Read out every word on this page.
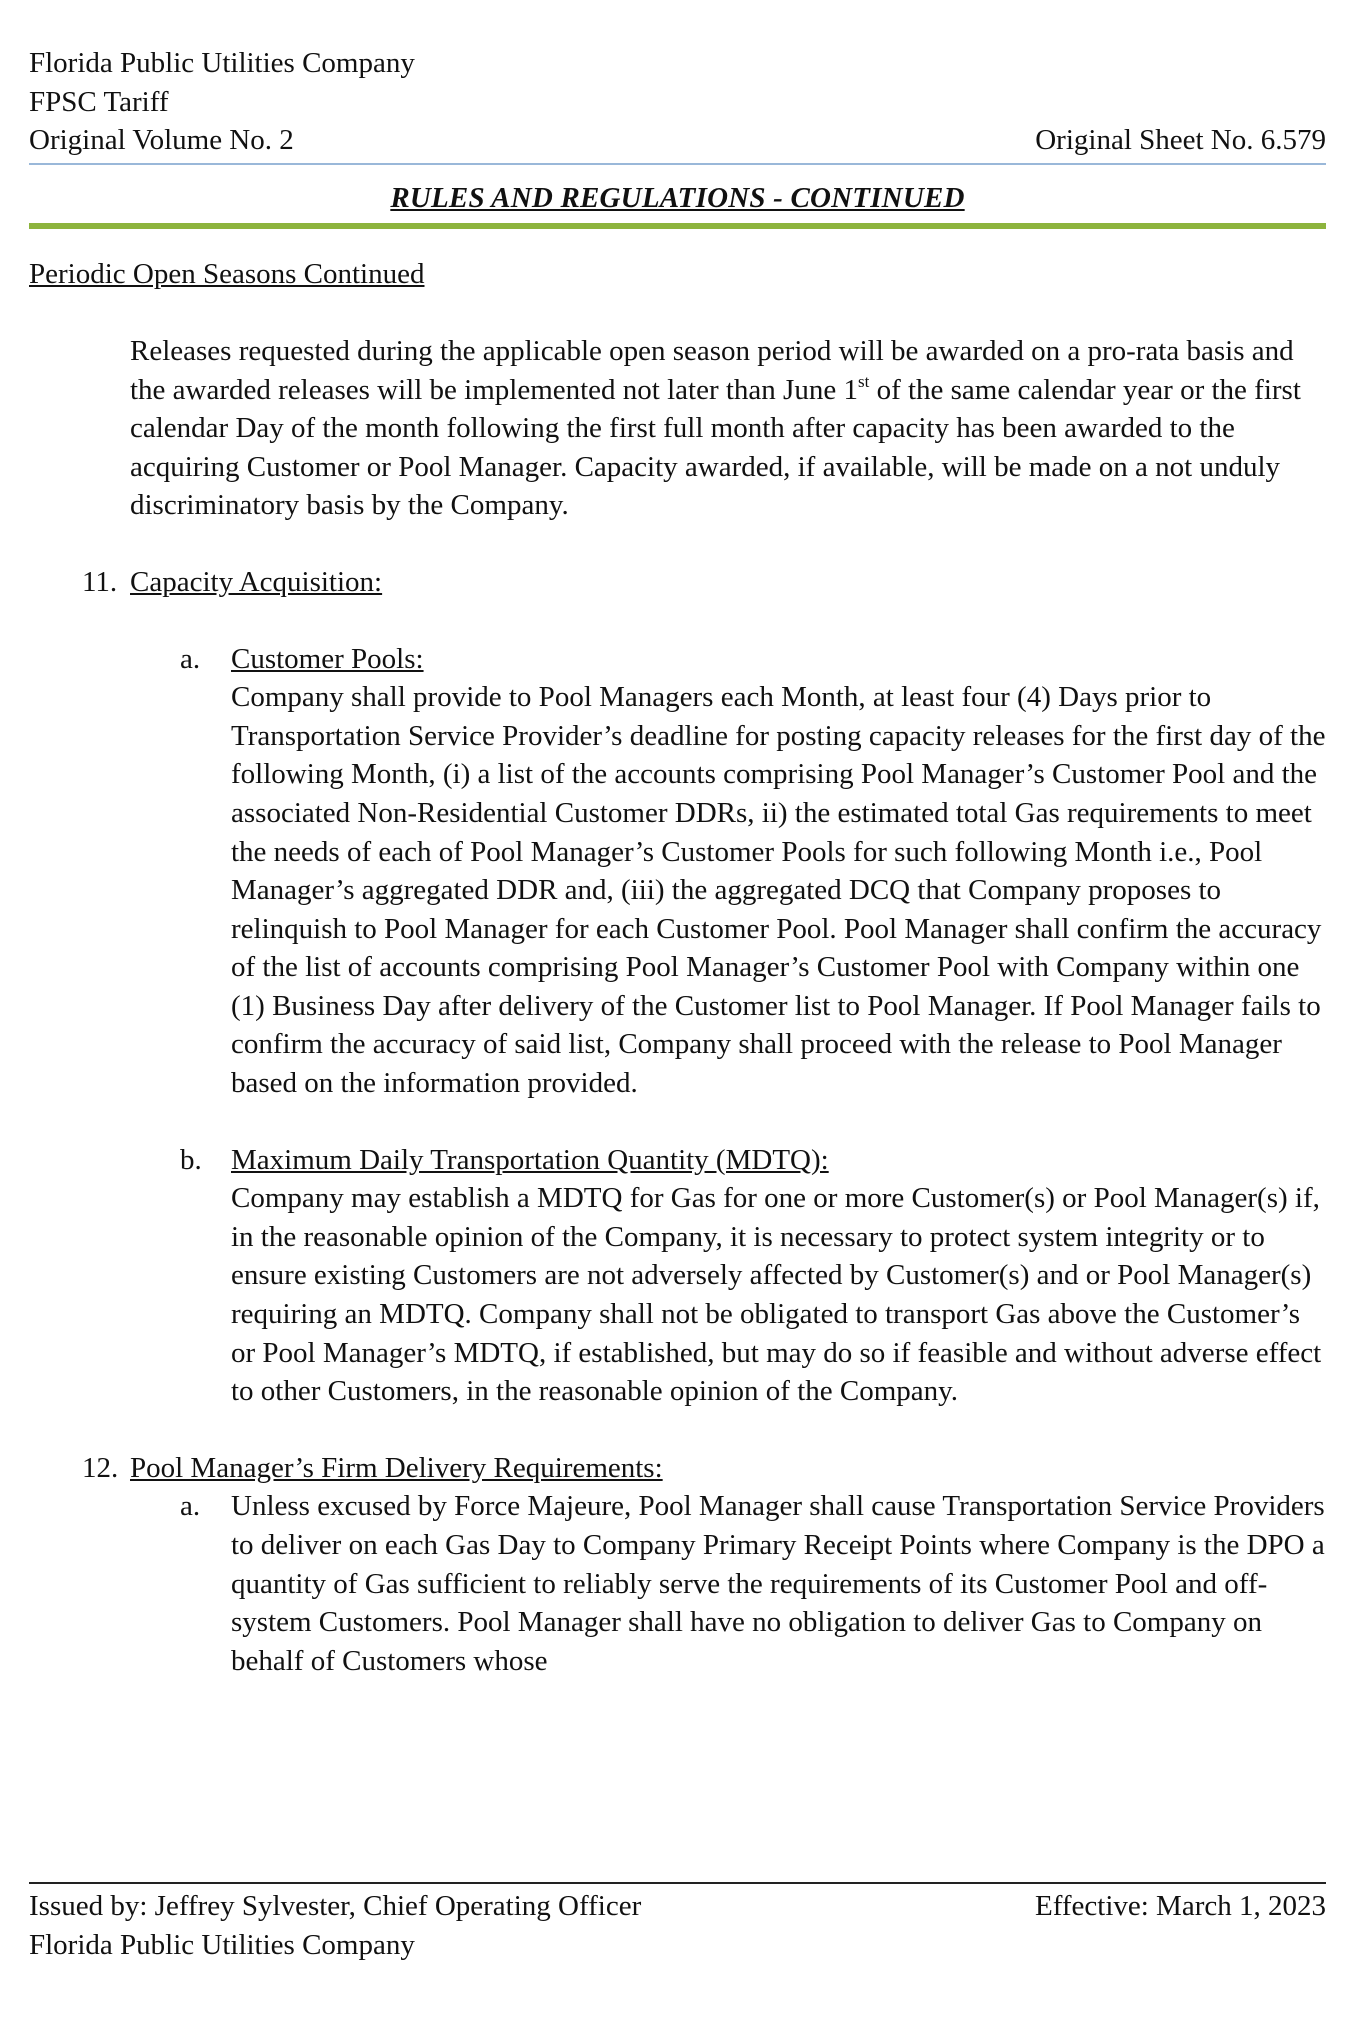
Florida Public Utilities Company
FPSC Tariff
Original Volume No. 2	Original Sheet No. 6.579
RULES AND REGULATIONS - CONTINUED
Periodic Open Seasons Continued
Releases requested during the applicable open season period will be awarded on a pro-rata basis and the awarded releases will be implemented not later than June 1st of the same calendar year or the first calendar Day of the month following the first full month after capacity has been awarded to the acquiring Customer or Pool Manager. Capacity awarded, if available, will be made on a not unduly discriminatory basis by the Company.
11. Capacity Acquisition:
a.	Customer Pools:
Company shall provide to Pool Managers each Month, at least four (4) Days prior to Transportation Service Provider’s deadline for posting capacity releases for the first day of the following Month, (i) a list of the accounts comprising Pool Manager’s Customer Pool and the associated Non-Residential Customer DDRs, ii) the estimated total Gas requirements to meet the needs of each of Pool Manager’s Customer Pools for such following Month i.e., Pool Manager’s aggregated DDR and, (iii) the aggregated DCQ that Company proposes to relinquish to Pool Manager for each Customer Pool. Pool Manager shall confirm the accuracy of the list of accounts comprising Pool Manager’s Customer Pool with Company within one (1) Business Day after delivery of the Customer list to Pool Manager. If Pool Manager fails to confirm the accuracy of said list, Company shall proceed with the release to Pool Manager based on the information provided.
b.	Maximum Daily Transportation Quantity (MDTQ):
Company may establish a MDTQ for Gas for one or more Customer(s) or Pool Manager(s) if, in the reasonable opinion of the Company, it is necessary to protect system integrity or to ensure existing Customers are not adversely affected by Customer(s) and or Pool Manager(s) requiring an MDTQ. Company shall not be obligated to transport Gas above the Customer’s or Pool Manager’s MDTQ, if established, but may do so if feasible and without adverse effect to other Customers, in the reasonable opinion of the Company.
12. Pool Manager’s Firm Delivery Requirements:
a.	Unless excused by Force Majeure, Pool Manager shall cause Transportation Service Providers to deliver on each Gas Day to Company Primary Receipt Points where Company is the DPO a quantity of Gas sufficient to reliably serve the requirements of its Customer Pool and off-system Customers. Pool Manager shall have no obligation to deliver Gas to Company on behalf of Customers whose
Issued by: Jeffrey Sylvester, Chief Operating Officer	Effective: March 1, 2023
Florida Public Utilities Company
